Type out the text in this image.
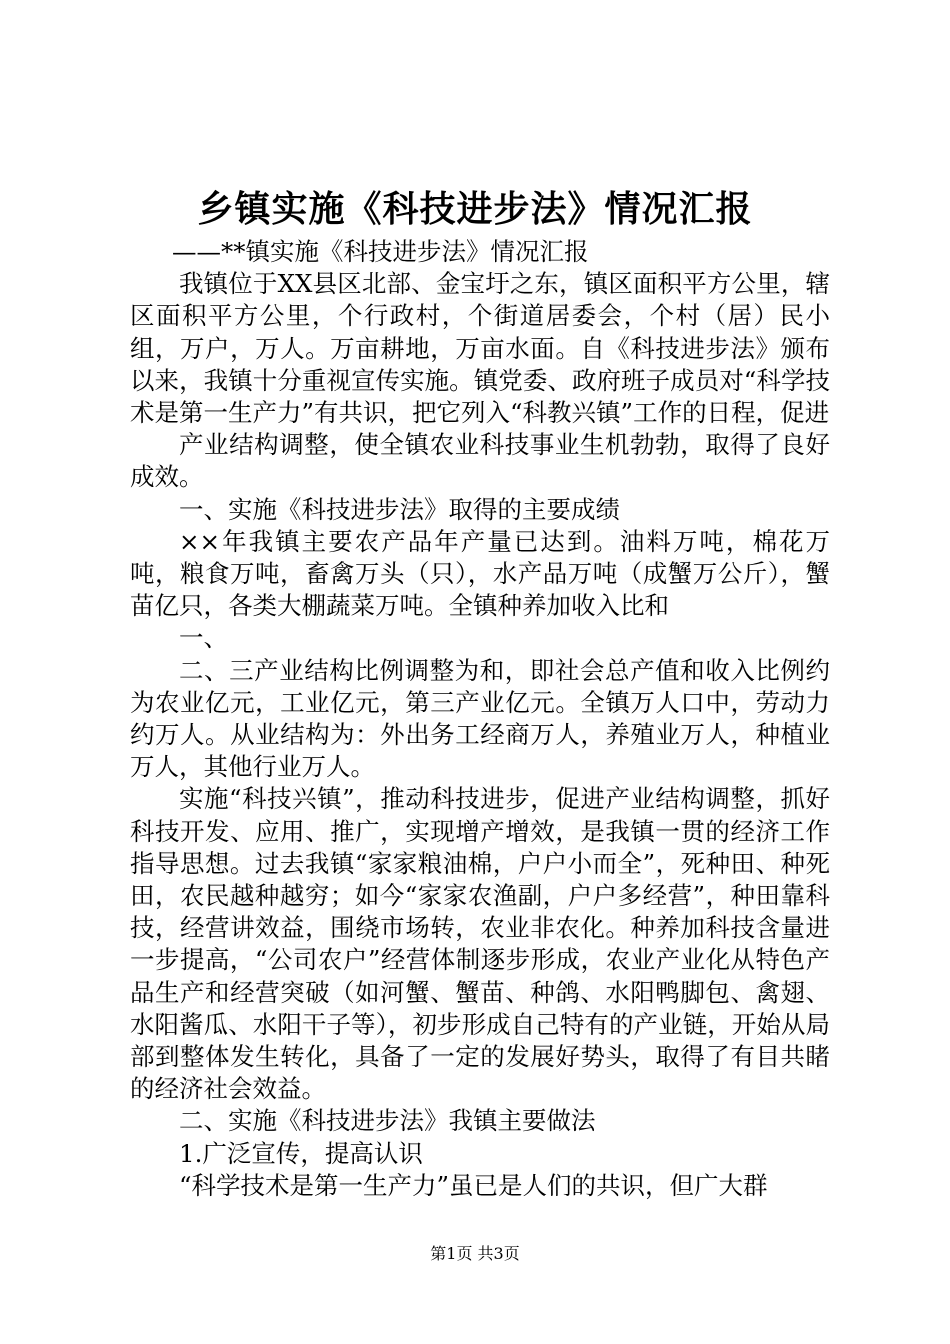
乡镇实施《科技进步法》情况汇报

——**镇实施《科技进步法》情况汇报

我镇位于XX县区北部、金宝圩之东，镇区面积平方公里，辖区面积平方公里，个行政村，个街道居委会，个村（居）民小组，万户，万人。万亩耕地，万亩水面。自《科技进步法》颁布以来，我镇十分重视宣传实施。镇党委、政府班子成员对“科学技术是第一生产力”有共识，把它列入“科教兴镇”工作的日程，促进

产业结构调整，使全镇农业科技事业生机勃勃，取得了良好成效。

一、实施《科技进步法》取得的主要成绩

××年我镇主要农产品年产量已达到。油料万吨，棉花万吨，粮食万吨，畜禽万头（只），水产品万吨（成蟹万公斤），蟹苗亿只，各类大棚蔬菜万吨。全镇种养加收入比和

一、

二、三产业结构比例调整为和，即社会总产值和收入比例约为农业亿元，工业亿元，第三产业亿元。全镇万人口中，劳动力约万人。从业结构为：外出务工经商万人，养殖业万人，种植业万人，其他行业万人。

实施“科技兴镇”，推动科技进步，促进产业结构调整，抓好科技开发、应用、推广，实现增产增效，是我镇一贯的经济工作指导思想。过去我镇“家家粮油棉，户户小而全”，死种田、种死田，农民越种越穷；如今“家家农渔副，户户多经营”，种田靠科技，经营讲效益，围绕市场转，农业非农化。种养加科技含量进一步提高，“公司农户”经营体制逐步形成，农业产业化从特色产品生产和经营突破（如河蟹、蟹苗、种鸽、水阳鸭脚包、禽翅、水阳酱瓜、水阳干子等），初步形成自己特有的产业链，开始从局部到整体发生转化，具备了一定的发展好势头，取得了有目共睹的经济社会效益。

二、实施《科技进步法》我镇主要做法

1.广泛宣传，提高认识

“科学技术是第一生产力”虽已是人们的共识，但广大群

第1页 共3页
